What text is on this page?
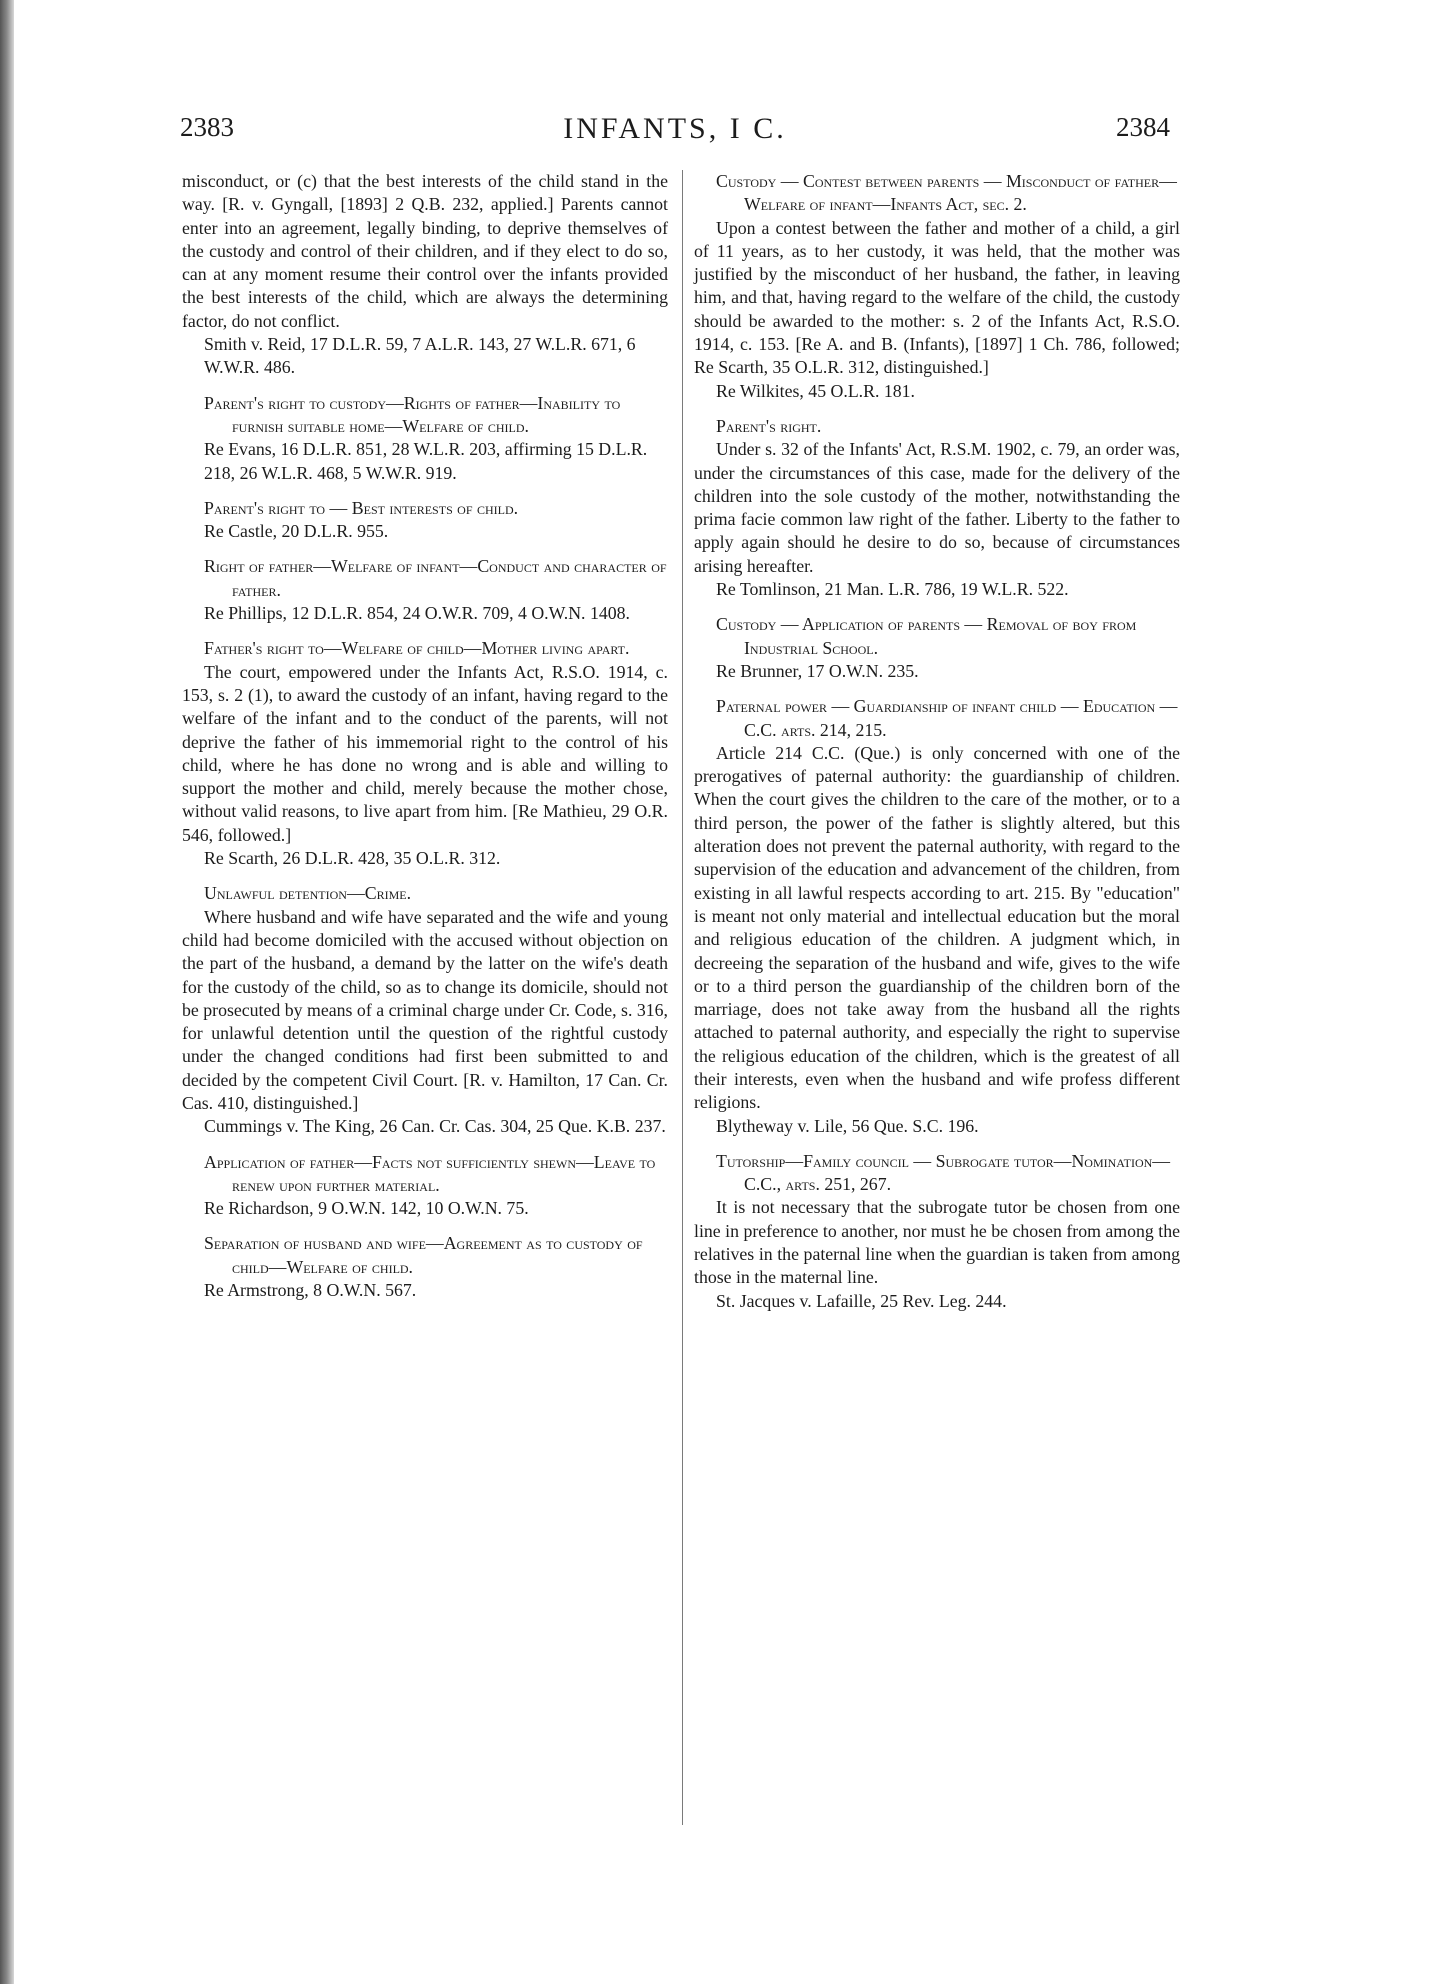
2383	INFANTS, I C.	2384

misconduct, or (c) that the best interests of the child stand in the way. [R. v. Gyngall, [1893] 2 Q.B. 232, applied.] Parents cannot enter into an agreement, legally binding, to deprive themselves of the custody and control of their children, and if they elect to do so, can at any moment resume their control over the infants provided the best interests of the child, which are always the determining factor, do not conflict.

Smith v. Reid, 17 D.L.R. 59, 7 A.L.R. 143, 27 W.L.R. 671, 6 W.W.R. 486.

Parent's right to custody—Rights of father—Inability to furnish suitable home—Welfare of child.

Re Evans, 16 D.L.R. 851, 28 W.L.R. 203, affirming 15 D.L.R. 218, 26 W.L.R. 468, 5 W.W.R. 919.

Parent's right to — Best interests of child.

Re Castle, 20 D.L.R. 955.

Right of father—Welfare of infant—Conduct and character of father.

Re Phillips, 12 D.L.R. 854, 24 O.W.R. 709, 4 O.W.N. 1408.

Father's right to—Welfare of child—Mother living apart.

The court, empowered under the Infants Act, R.S.O. 1914, c. 153, s. 2 (1), to award the custody of an infant, having regard to the welfare of the infant and to the conduct of the parents, will not deprive the father of his immemorial right to the control of his child, where he has done no wrong and is able and willing to support the mother and child, merely because the mother chose, without valid reasons, to live apart from him. [Re Mathieu, 29 O.R. 546, followed.]

Re Scarth, 26 D.L.R. 428, 35 O.L.R. 312.

Unlawful detention—Crime.

Where husband and wife have separated and the wife and young child had become domiciled with the accused without objection on the part of the husband, a demand by the latter on the wife's death for the custody of the child, so as to change its domicile, should not be prosecuted by means of a criminal charge under Cr. Code, s. 316, for unlawful detention until the question of the rightful custody under the changed conditions had first been submitted to and decided by the competent Civil Court. [R. v. Hamilton, 17 Can. Cr. Cas. 410, distinguished.]

Cummings v. The King, 26 Can. Cr. Cas. 304, 25 Que. K.B. 237.

Application of father—Facts not sufficiently shewn—Leave to renew upon further material.

Re Richardson, 9 O.W.N. 142, 10 O.W.N. 75.

Separation of husband and wife—Agreement as to custody of child—Welfare of child.

Re Armstrong, 8 O.W.N. 567.

Custody — Contest between parents — Misconduct of father—Welfare of infant—Infants Act, sec. 2.

Upon a contest between the father and mother of a child, a girl of 11 years, as to her custody, it was held, that the mother was justified by the misconduct of her husband, the father, in leaving him, and that, having regard to the welfare of the child, the custody should be awarded to the mother: s. 2 of the Infants Act, R.S.O. 1914, c. 153. [Re A. and B. (Infants), [1897] 1 Ch. 786, followed; Re Scarth, 35 O.L.R. 312, distinguished.]

Re Wilkites, 45 O.L.R. 181.

Parent's right.

Under s. 32 of the Infants' Act, R.S.M. 1902, c. 79, an order was, under the circumstances of this case, made for the delivery of the children into the sole custody of the mother, notwithstanding the prima facie common law right of the father. Liberty to the father to apply again should he desire to do so, because of circumstances arising hereafter.

Re Tomlinson, 21 Man. L.R. 786, 19 W.L.R. 522.

Custody — Application of parents — Removal of boy from Industrial School.

Re Brunner, 17 O.W.N. 235.

Paternal power — Guardianship of infant child — Education — C.C. arts. 214, 215.

Article 214 C.C. (Que.) is only concerned with one of the prerogatives of paternal authority: the guardianship of children. When the court gives the children to the care of the mother, or to a third person, the power of the father is slightly altered, but this alteration does not prevent the paternal authority, with regard to the supervision of the education and advancement of the children, from existing in all lawful respects according to art. 215. By "education" is meant not only material and intellectual education but the moral and religious education of the children. A judgment which, in decreeing the separation of the husband and wife, gives to the wife or to a third person the guardianship of the children born of the marriage, does not take away from the husband all the rights attached to paternal authority, and especially the right to supervise the religious education of the children, which is the greatest of all their interests, even when the husband and wife profess different religions.

Blytheway v. Lile, 56 Que. S.C. 196.

Tutorship—Family council — Subrogate tutor—Nomination—C.C., arts. 251, 267.

It is not necessary that the subrogate tutor be chosen from one line in preference to another, nor must he be chosen from among the relatives in the paternal line when the guardian is taken from among those in the maternal line.

St. Jacques v. Lafaille, 25 Rev. Leg. 244.
